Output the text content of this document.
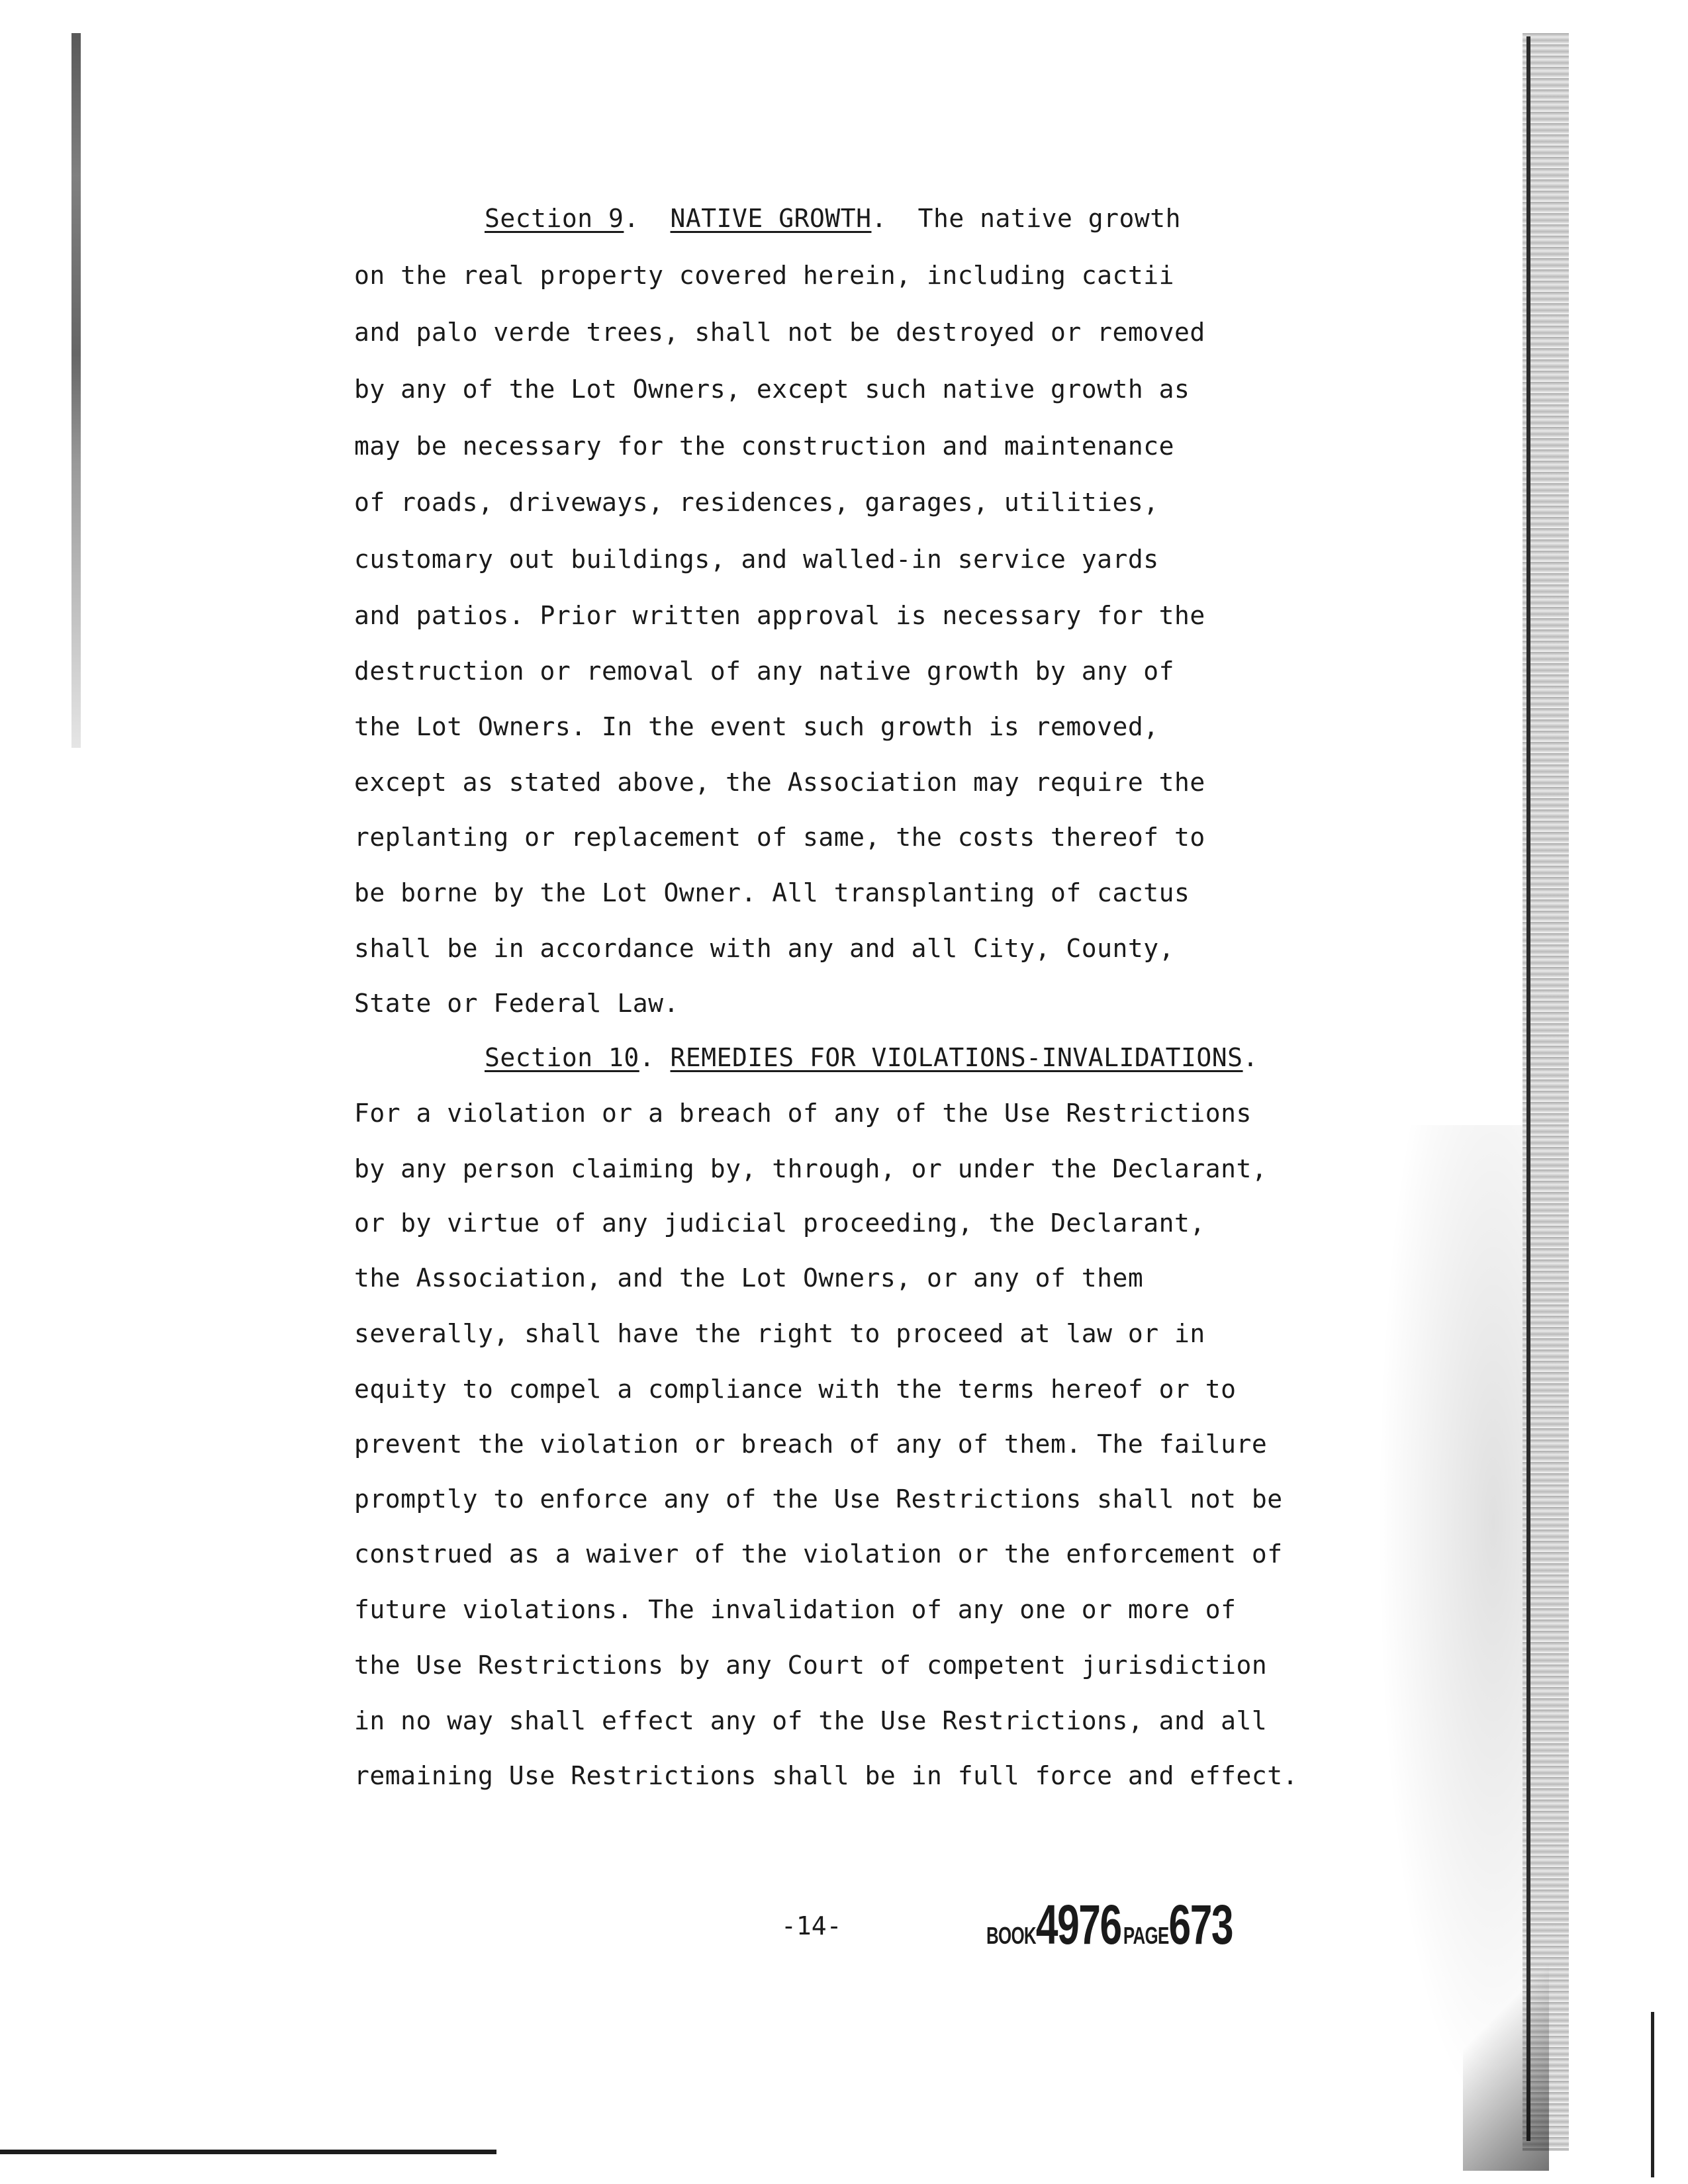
Section 9.  NATIVE GROWTH.  The native growth
on the real property covered herein, including cactii
and palo verde trees, shall not be destroyed or removed
by any of the Lot Owners, except such native growth as
may be necessary for the construction and maintenance
of roads, driveways, residences, garages, utilities,
customary out buildings, and walled-in service yards
and patios. Prior written approval is necessary for the
destruction or removal of any native growth by any of
the Lot Owners. In the event such growth is removed,
except as stated above, the Association may require the
replanting or replacement of same, the costs thereof to
be borne by the Lot Owner. All transplanting of cactus
shall be in accordance with any and all City, County,
State or Federal Law.
Section 10. REMEDIES FOR VIOLATIONS-INVALIDATIONS.
For a violation or a breach of any of the Use Restrictions
by any person claiming by, through, or under the Declarant,
or by virtue of any judicial proceeding, the Declarant,
the Association, and the Lot Owners, or any of them
severally, shall have the right to proceed at law or in
equity to compel a compliance with the terms hereof or to
prevent the violation or breach of any of them. The failure
promptly to enforce any of the Use Restrictions shall not be
construed as a waiver of the violation or the enforcement of
future violations. The invalidation of any one or more of
the Use Restrictions by any Court of competent jurisdiction
in no way shall effect any of the Use Restrictions, and all
remaining Use Restrictions shall be in full force and effect.
-14-	BOOK4976 PAGE673
